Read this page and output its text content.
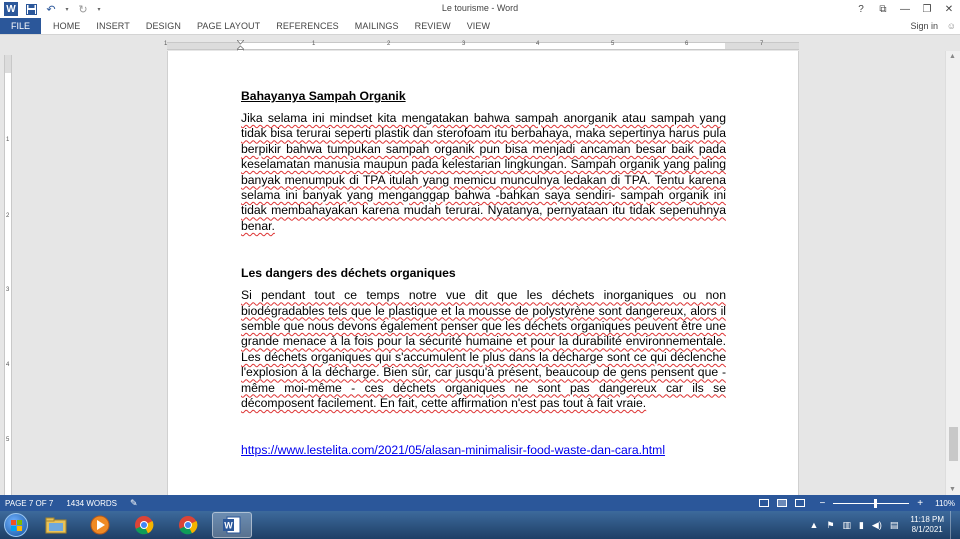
W	↶	▾ ↻	▾	Le tourisme - Word	?	⧉	—	❐	✕
FILE	HOME	INSERT	DESIGN	PAGE LAYOUT	REFERENCES	MAILINGS	REVIEW	VIEW	Sign in ☺
1	1	2	3	4	5	6	7
1
2
3
4
5
Bahayanya Sampah Organik
Jika selama ini mindset kita mengatakan bahwa sampah anorganik atau sampah yang tidak bisa terurai seperti plastik dan sterofoam itu berbahaya, maka sepertinya harus pula berpikir bahwa tumpukan sampah organik pun bisa menjadi ancaman besar baik pada keselamatan manusia maupun pada kelestarian lingkungan. Sampah organik yang paling banyak menumpuk di TPA itulah yang memicu munculnya ledakan di TPA. Tentu karena selama ini banyak yang menganggap bahwa -bahkan saya sendiri- sampah organik ini tidak membahayakan karena mudah terurai. Nyatanya, pernyataan itu tidak sepenuhnya benar.
Les dangers des déchets organiques
Si pendant tout ce temps notre vue dit que les déchets inorganiques ou non biodégradables tels que le plastique et la mousse de polystyrène sont dangereux, alors il semble que nous devons également penser que les déchets organiques peuvent être une grande menace à la fois pour la sécurité humaine et pour la durabilité environnementale. Les déchets organiques qui s'accumulent le plus dans la décharge sont ce qui déclenche l'explosion à la décharge. Bien sûr, car jusqu'à présent, beaucoup de gens pensent que -même moi-même - ces déchets organiques ne sont pas dangereux car ils se décomposent facilement. En fait, cette affirmation n'est pas tout à fait vraie.
https://www.lestelita.com/2021/05/alasan-minimalisir-food-waste-dan-cara.html
▲
▼
PAGE 7 OF 7	1434 WORDS	✎	−	+ 110%
W	▲ ⚑ ▥ ▮ ◀) ▤ 11:18 PM
8/1/2021
